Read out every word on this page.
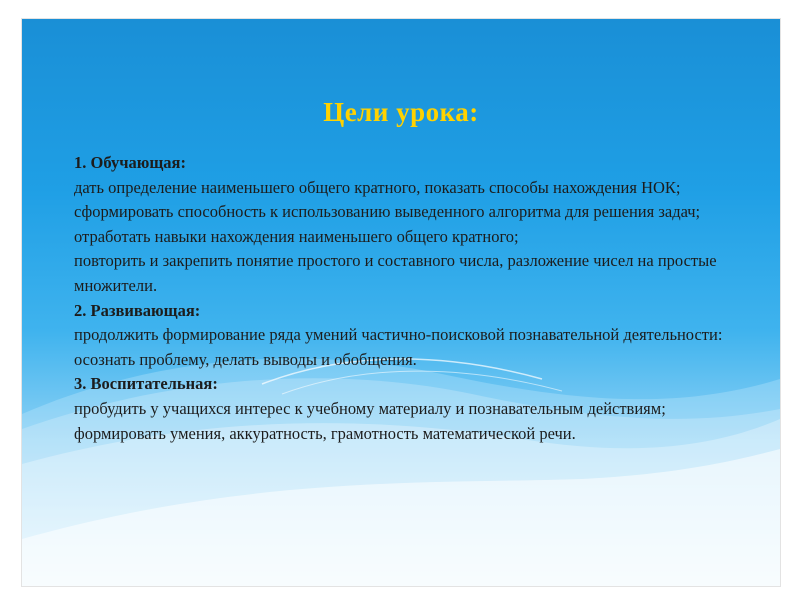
Цели урока:
1. Обучающая:
дать определение наименьшего общего кратного, показать способы нахождения НОК;
сформировать способность к использованию выведенного алгоритма для решения задач;
отработать навыки нахождения наименьшего общего кратного;
повторить и закрепить понятие простого и составного числа, разложение чисел на простые множители.
2. Развивающая:
продолжить формирование ряда умений частично-поисковой познавательной деятельности: осознать проблему, делать выводы и обобщения.
3. Воспитательная:
пробудить у учащихся интерес к учебному материалу и познавательным действиям;
формировать умения, аккуратность, грамотность математической речи.
